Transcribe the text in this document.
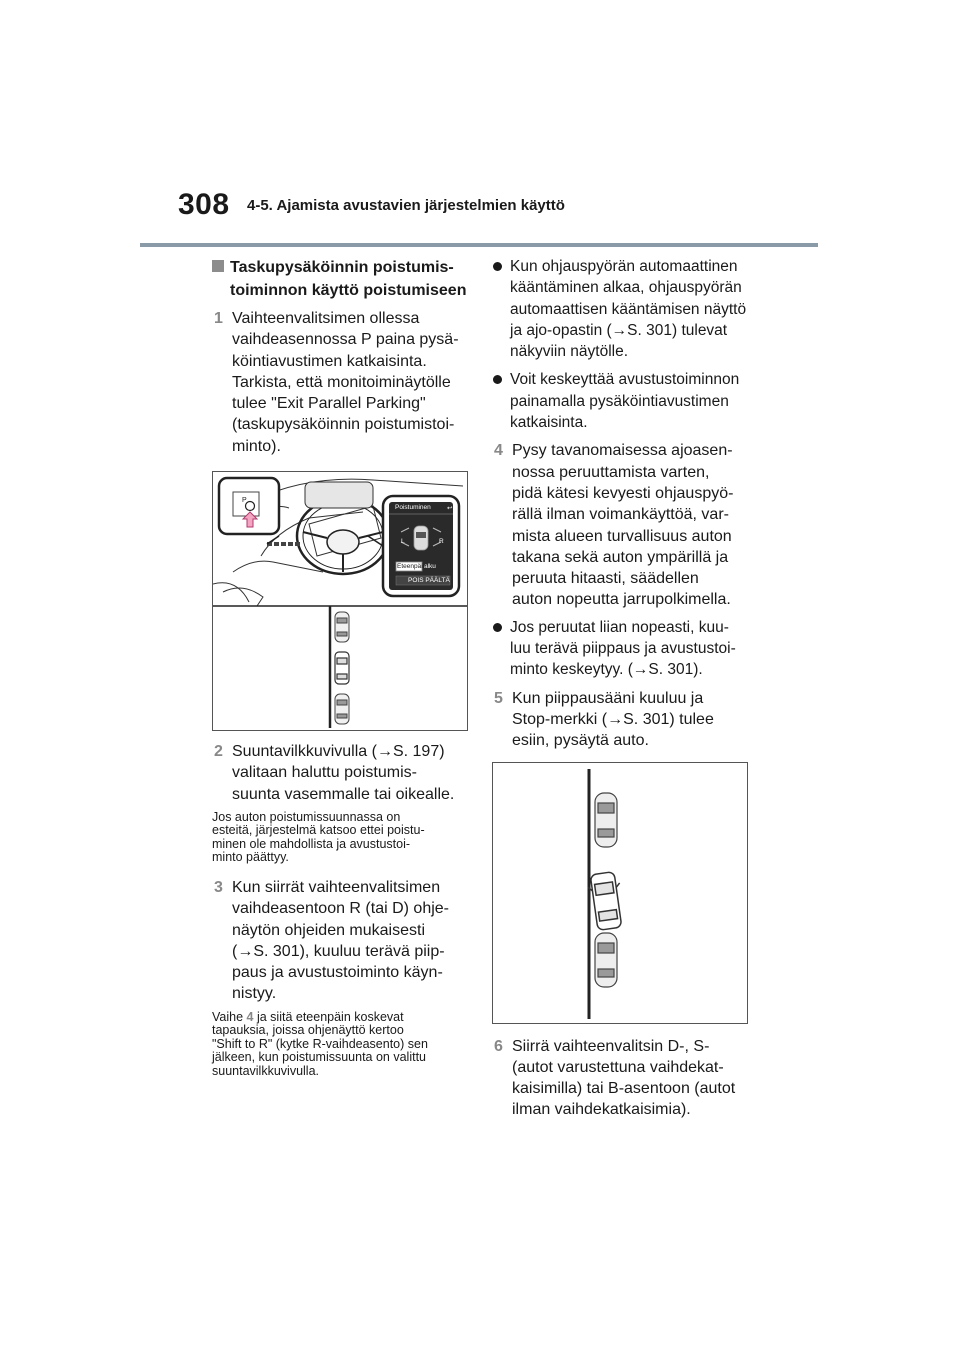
308 4-5. Ajamista avustavien järjestelmien käyttö
Taskupysäköinnin poistumis-
toiminnon käyttö poistumiseen
1 Vaihteenvalitsimen ollessa
vaihdeasennossa P paina pysä-
köintiavustimen katkaisinta.
Tarkista, että monitoiminäytölle
tulee "Exit Parallel Parking"
(taskupysäköinnin poistumistoi-
minto).
P
Poistuminen ↩
L	R
Eteenpäin
alku
POIS PÄÄLTÄ
2 Suuntavilkkuvivulla (→S. 197)
valitaan haluttu poistumis-
suunta vasemmalle tai oikealle.
Jos auton poistumissuunnassa on
esteitä, järjestelmä katsoo ettei poistu-
minen ole mahdollista ja avustustoi-
minto päättyy.
3 Kun siirrät vaihteenvalitsimen
vaihdeasentoon R (tai D) ohje-
näytön ohjeiden mukaisesti
(→S. 301), kuuluu terävä piip-
paus ja avustustoiminto käyn-
nistyy.
Vaihe 4 ja siitä eteenpäin koskevat
tapauksia, joissa ohjenäyttö kertoo
"Shift to R" (kytke R-vaihdeasento) sen
jälkeen, kun poistumissuunta on valittu
suuntavilkkuvivulla.
Kun ohjauspyörän automaattinen
kääntäminen alkaa, ohjauspyörän
automaattisen kääntämisen näyttö
ja ajo-opastin (→S. 301) tulevat
näkyviin näytölle.
Voit keskeyttää avustustoiminnon
painamalla pysäköintiavustimen
katkaisinta.
4 Pysy tavanomaisessa ajoasen-
nossa peruuttamista varten,
pidä kätesi kevyesti ohjauspyö-
rällä ilman voimankäyttöä, var-
mista alueen turvallisuus auton
takana sekä auton ympärillä ja
peruuta hitaasti, säädellen
auton nopeutta jarrupolkimella.
Jos peruutat liian nopeasti, kuu-
luu terävä piippaus ja avustustoi-
minto keskeytyy. (→S. 301).
5 Kun piippausääni kuuluu ja
Stop-merkki (→S. 301) tulee
esiin, pysäytä auto.
6 Siirrä vaihteenvalitsin D-, S-
(autot varustettuna vaihdekat-
kaisimilla) tai B-asentoon (autot
ilman vaihdekatkaisimia).
